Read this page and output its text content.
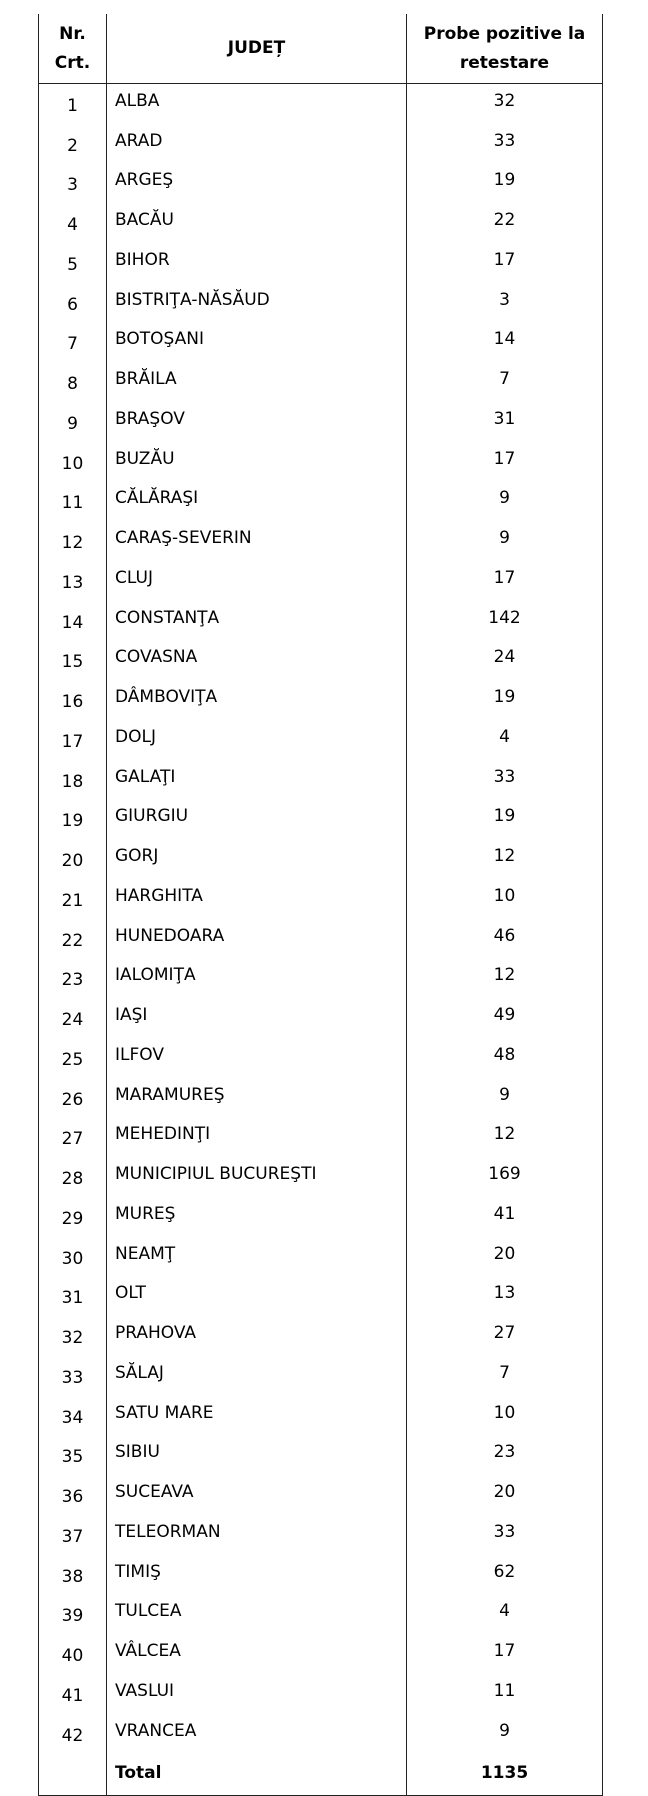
Nr.
Crt.	JUDEȚ	Probe pozitive la
retestare

1	ALBA	32
2	ARAD	33
3	ARGEŞ	19
4	BACĂU	22
5	BIHOR	17
6	BISTRIŢA-NĂSĂUD	3
7	BOTOŞANI	14
8	BRĂILA	7
9	BRAŞOV	31
10	BUZĂU	17
11	CĂLĂRAŞI	9
12	CARAŞ-SEVERIN	9
13	CLUJ	17
14	CONSTANŢA	142
15	COVASNA	24
16	DÂMBOVIŢA	19
17	DOLJ	4
18	GALAŢI	33
19	GIURGIU	19
20	GORJ	12
21	HARGHITA	10
22	HUNEDOARA	46
23	IALOMIŢA	12
24	IAŞI	49
25	ILFOV	48
26	MARAMUREŞ	9
27	MEHEDINŢI	12
28	MUNICIPIUL BUCUREŞTI	169
29	MUREŞ	41
30	NEAMŢ	20
31	OLT	13
32	PRAHOVA	27
33	SĂLAJ	7
34	SATU MARE	10
35	SIBIU	23
36	SUCEAVA	20
37	TELEORMAN	33
38	TIMIŞ	62
39	TULCEA	4
40	VÂLCEA	17
41	VASLUI	11
42	VRANCEA	9
	Total	1135
